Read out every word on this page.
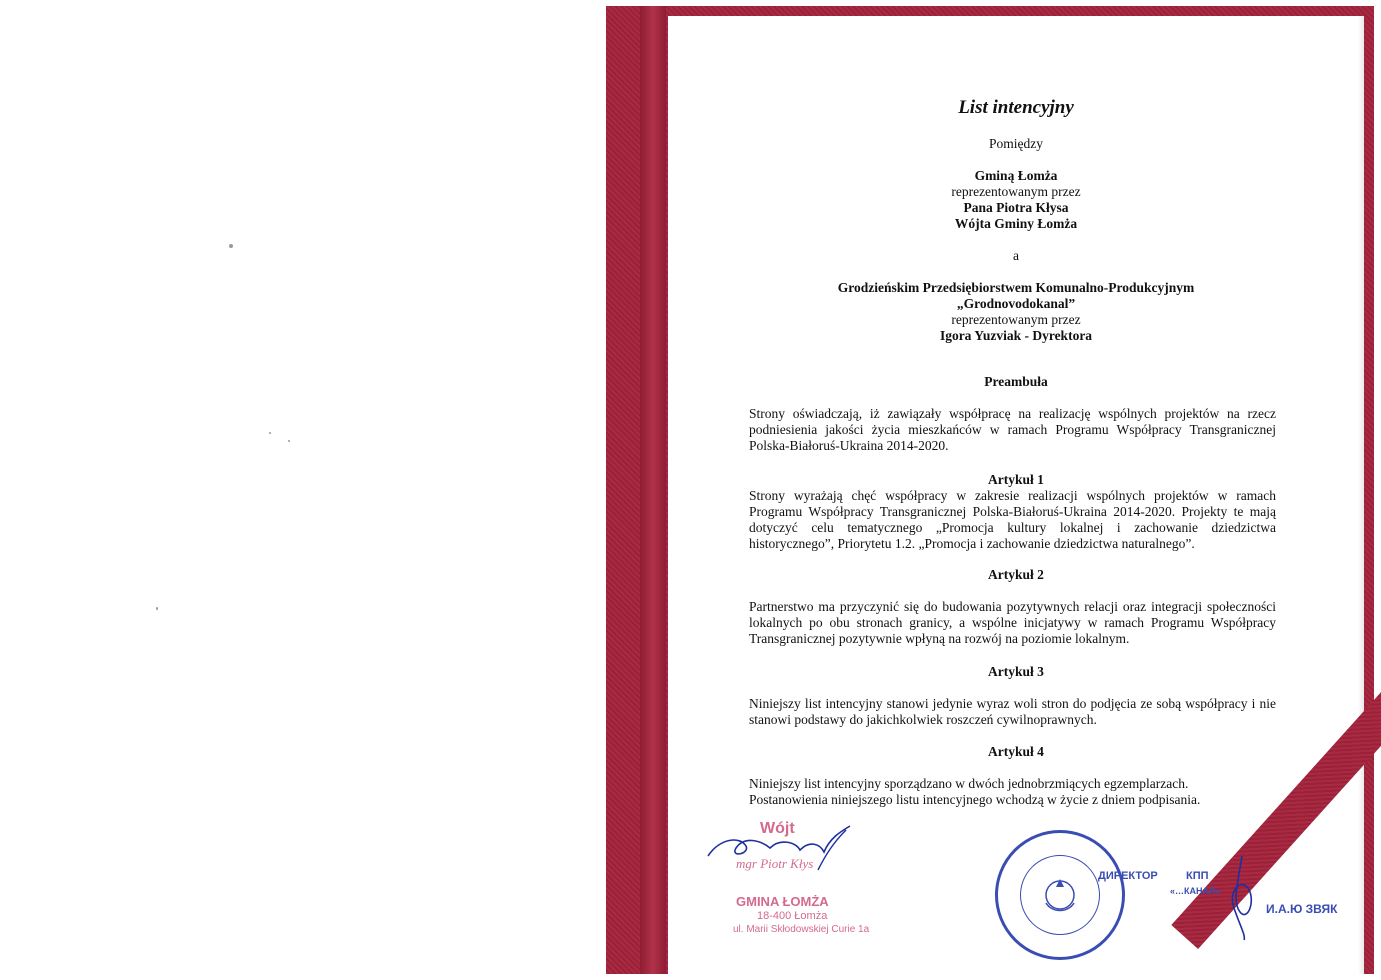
List intencyjny
Pomiędzy
Gminą Łomża
reprezentowanym przez
Pana Piotra Kłysa
Wójta Gminy Łomża
a
Grodzieńskim Przedsiębiorstwem Komunalno-Produkcyjnym
„Grodnovodokanal”
reprezentowanym przez
Igora Yuzviak - Dyrektora
Preambuła
Strony oświadczają, iż zawiązały współpracę na realizację wspólnych projektów na rzecz podniesienia jakości życia mieszkańców w ramach Programu Współpracy Transgranicznej Polska-Białoruś-Ukraina 2014-2020.
Artykuł 1
Strony wyrażają chęć współpracy w zakresie realizacji wspólnych projektów w ramach Programu Współpracy Transgranicznej Polska-Białoruś-Ukraina 2014-2020. Projekty te mają dotyczyć celu tematycznego „Promocja kultury lokalnej i zachowanie dziedzictwa historycznego”, Priorytetu 1.2. „Promocja i zachowanie dziedzictwa naturalnego”.
Artykuł 2
Partnerstwo ma przyczynić się do budowania pozytywnych relacji oraz integracji społeczności lokalnych po obu stronach granicy, a wspólne inicjatywy w ramach Programu Współpracy Transgranicznej pozytywnie wpłyną na rozwój na poziomie lokalnym.
Artykuł 3
Niniejszy list intencyjny stanowi jedynie wyraz woli stron do podjęcia ze sobą współpracy i nie stanowi podstawy do jakichkolwiek roszczeń cywilnoprawnych.
Artykuł 4
Niniejszy list intencyjny sporządzano w dwóch jednobrzmiących egzemplarzach.
Postanowienia niniejszego listu intencyjnego wchodzą w życie z dniem podpisania.
Wójt
mgr Piotr Kłys
GMINA ŁOMŻA
18-400 Łomża
ul. Marii Skłodowskiej Curie 1a
ДИРЕКТОР	КПП
«…КАНАЛ»
И.А.Ю ЗВЯК
